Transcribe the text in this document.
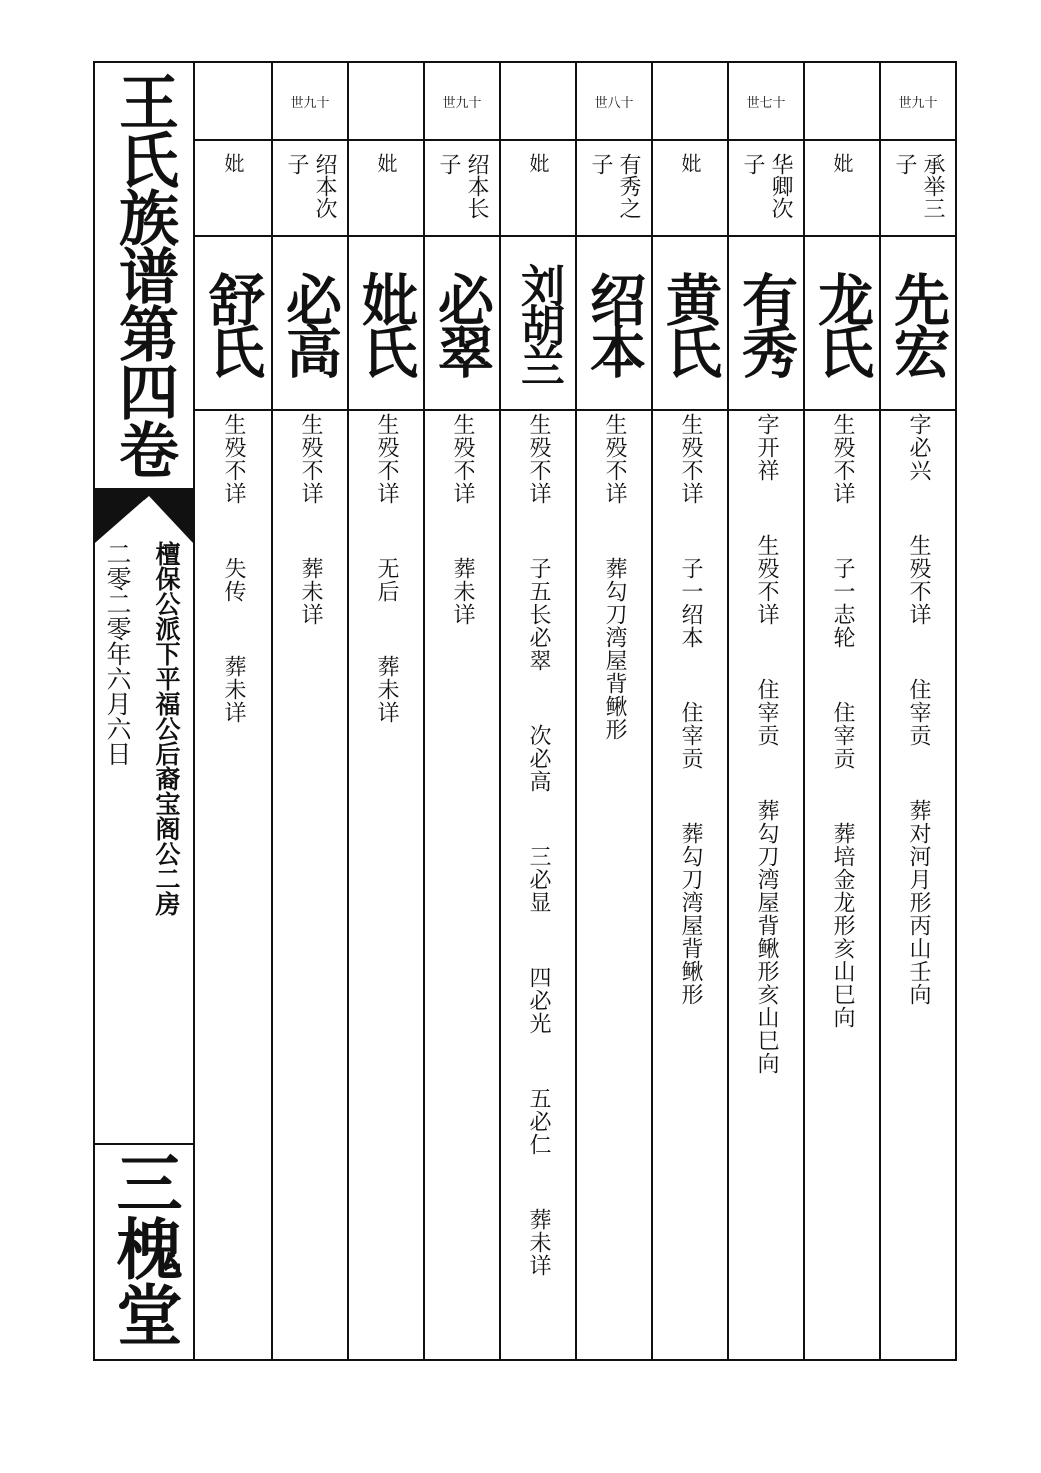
王氏族谱第四卷
檀保公派下平福公后裔宝阁公二房
二零二零年六月六日
三槐堂
世九十
承举三子
先宏
字必兴  生殁不详  住宰贡  葬对河月形丙山壬向
妣
龙氏
生殁不详  子一志轮  住宰贡  葬培金龙形亥山巳向
世七十
华卿次子
有秀
字开祥  生殁不详  住宰贡  葬勾刀湾屋背鳅形亥山巳向
妣
黄氏
生殁不详  子一绍本  住宰贡  葬勾刀湾屋背鳅形
世八十
有秀之子
绍本
生殁不详  葬勾刀湾屋背鳅形
妣
刘胡兰
生殁不详  子五长必翠  次必高  三必显  四必光  五必仁  葬未详
世九十
绍本长子
必翠
生殁不详  葬未详
妣
妣氏
生殁不详  无后  葬未详
世九十
绍本次子
必高
生殁不详  葬未详
妣
舒氏
生殁不详  失传  葬未详
